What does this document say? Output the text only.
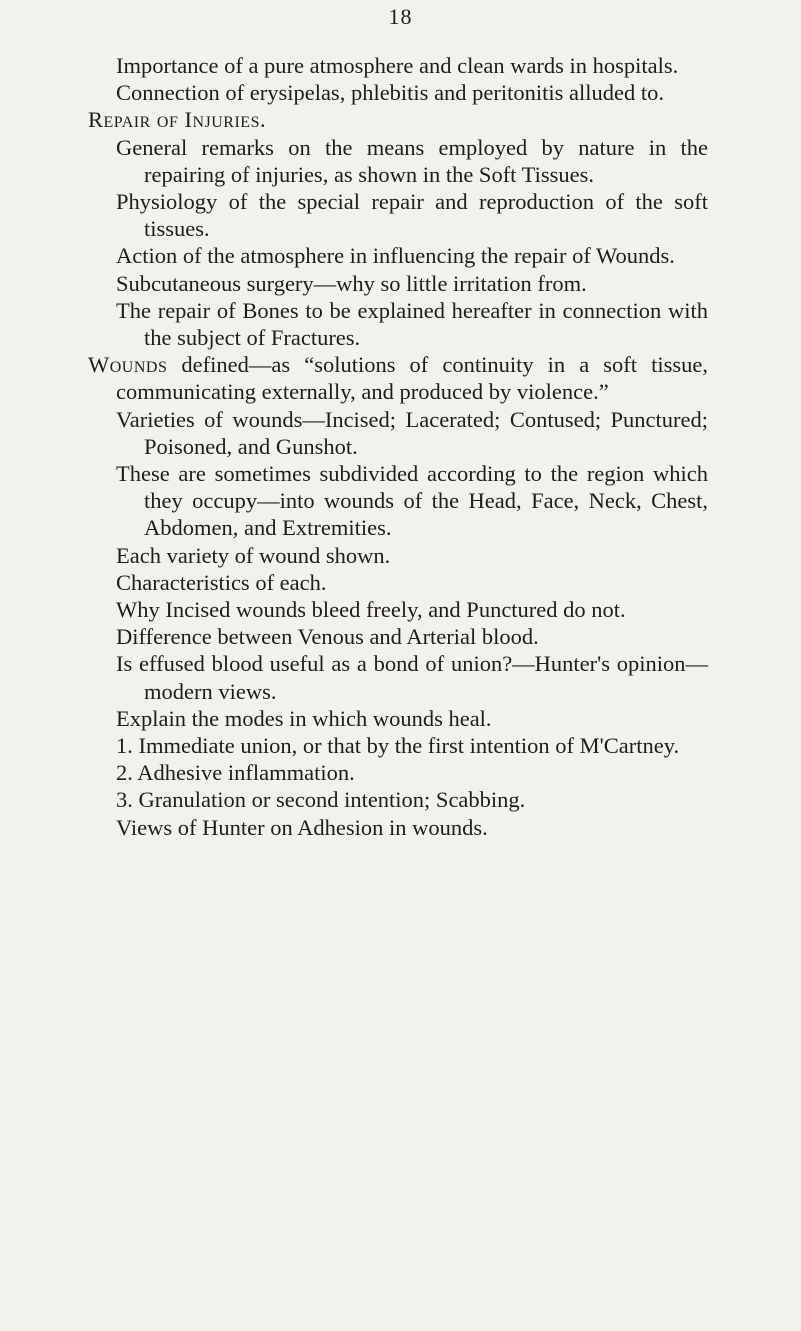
18

Importance of a pure atmosphere and clean wards in hospitals.

Connection of erysipelas, phlebitis and peritonitis alluded to.

Repair of Injuries.

General remarks on the means employed by nature in the repairing of injuries, as shown in the Soft Tissues.

Physiology of the special repair and reproduction of the soft tissues.

Action of the atmosphere in influencing the repair of Wounds.

Subcutaneous surgery—why so little irritation from.

The repair of Bones to be explained hereafter in connection with the subject of Fractures.

Wounds defined—as “solutions of continuity in a soft tissue, communicating externally, and produced by violence.”

Varieties of wounds—Incised; Lacerated; Contused; Punctured; Poisoned, and Gunshot.

These are sometimes subdivided according to the region which they occupy—into wounds of the Head, Face, Neck, Chest, Abdomen, and Extremities.

Each variety of wound shown.

Characteristics of each.

Why Incised wounds bleed freely, and Punctured do not.

Difference between Venous and Arterial blood.

Is effused blood useful as a bond of union?—Hunter's opinion—modern views.

Explain the modes in which wounds heal.

1. Immediate union, or that by the first intention of M'Cartney.

2. Adhesive inflammation.

3. Granulation or second intention; Scabbing.

Views of Hunter on Adhesion in wounds.
